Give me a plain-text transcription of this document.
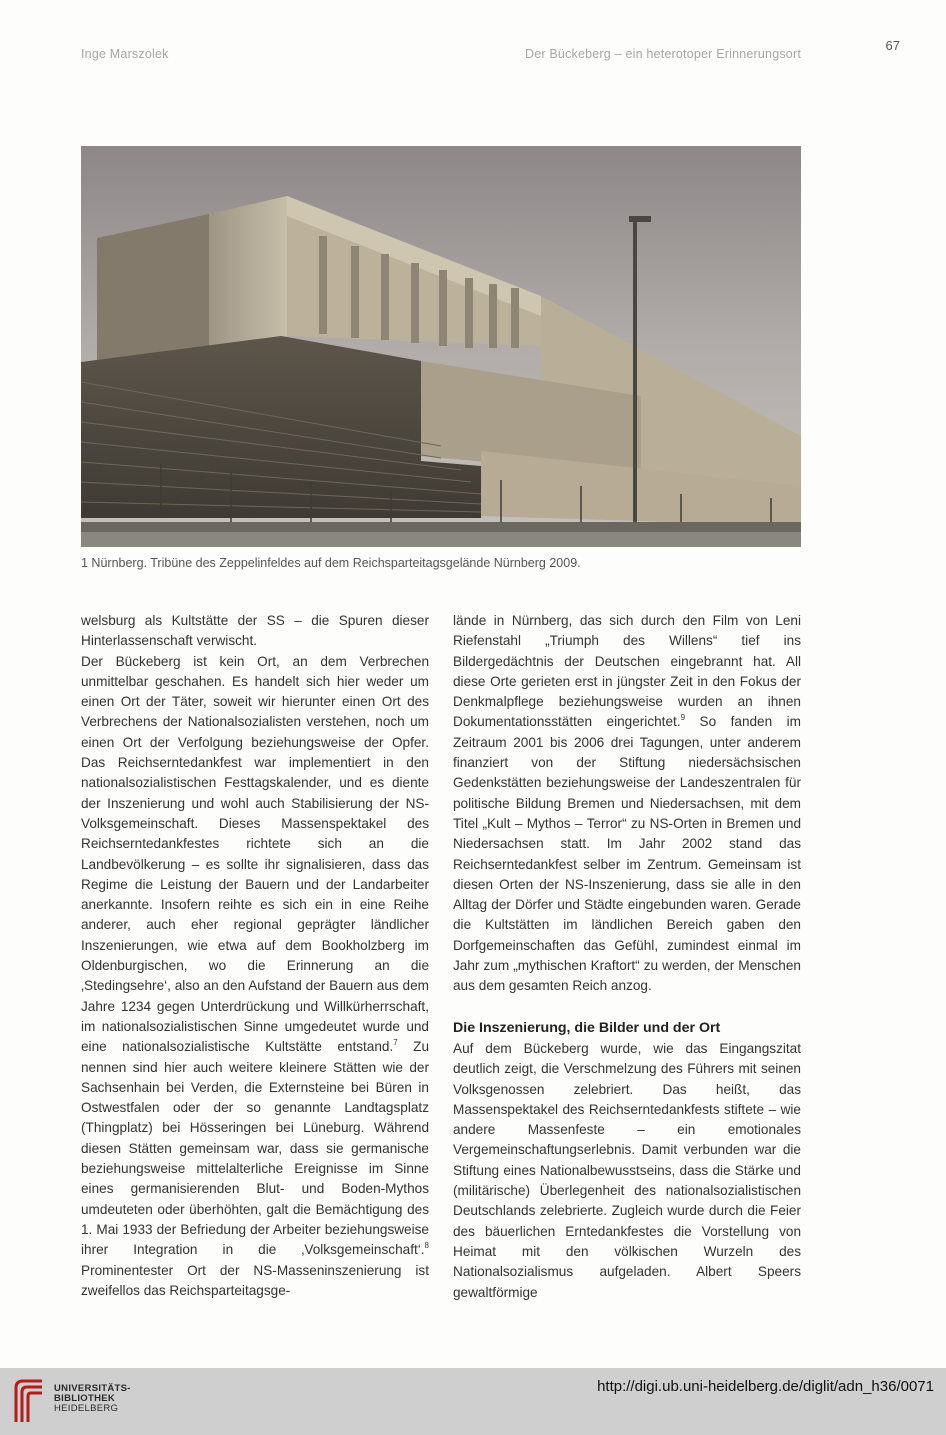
Inge Marszolek	Der Bückeberg – ein heterotoper Erinnerungsort
67
1 Nürnberg. Tribüne des Zeppelinfeldes auf dem Reichsparteitagsgelände Nürnberg 2009.

welsburg als Kultstätte der SS – die Spuren dieser Hinterlassenschaft verwischt.

Der Bückeberg ist kein Ort, an dem Verbrechen unmittelbar geschahen. Es handelt sich hier weder um einen Ort der Täter, soweit wir hierunter einen Ort des Verbrechens der Nationalsozialisten verstehen, noch um einen Ort der Verfolgung beziehungsweise der Opfer. Das Reichserntedankfest war implementiert in den nationalsozialistischen Festtagskalender, und es diente der Inszenierung und wohl auch Stabilisierung der NS-Volksgemeinschaft. Dieses Massenspektakel des Reichserntedankfestes richtete sich an die Landbevölkerung – es sollte ihr signalisieren, dass das Regime die Leistung der Bauern und der Landarbeiter anerkannte. Insofern reihte es sich ein in eine Reihe anderer, auch eher regional geprägter ländlicher Inszenierungen, wie etwa auf dem Bookholzberg im Oldenburgischen, wo die Erinnerung an die ‚Stedingsehre‘, also an den Aufstand der Bauern aus dem Jahre 1234 gegen Unterdrückung und Willkürherrschaft, im nationalsozialistischen Sinne umgedeutet wurde und eine nationalsozialistische Kultstätte entstand.$^7$ Zu nennen sind hier auch weitere kleinere Stätten wie der Sachsenhain bei Verden, die Externsteine bei Büren in Ostwestfalen oder der so genannte Landtagsplatz (Thingplatz) bei Hösseringen bei Lüneburg. Während diesen Stätten gemeinsam war, dass sie germanische beziehungsweise mittelalterliche Ereignisse im Sinne eines germanisierenden Blut- und Boden-Mythos umdeuteten oder überhöhten, galt die Bemächtigung des 1. Mai 1933 der Befriedung der Arbeiter beziehungsweise ihrer Integration in die ‚Volksgemeinschaft‘.$^8$ Prominentester Ort der NS-Masseninszenierung ist zweifellos das Reichsparteitagsge-

lände in Nürnberg, das sich durch den Film von Leni Riefenstahl „Triumph des Willens“ tief ins Bildergedächtnis der Deutschen eingebrannt hat. All diese Orte gerieten erst in jüngster Zeit in den Fokus der Denkmalpflege beziehungsweise wurden an ihnen Dokumentationsstätten eingerichtet.$^9$ So fanden im Zeitraum 2001 bis 2006 drei Tagungen, unter anderem finanziert von der Stiftung niedersächsischen Gedenkstätten beziehungsweise der Landeszentralen für politische Bildung Bremen und Niedersachsen, mit dem Titel „Kult – Mythos – Terror“ zu NS-Orten in Bremen und Niedersachsen statt. Im Jahr 2002 stand das Reichserntedankfest selber im Zentrum. Gemeinsam ist diesen Orten der NS-Inszenierung, dass sie alle in den Alltag der Dörfer und Städte eingebunden waren. Gerade die Kultstätten im ländlichen Bereich gaben den Dorfgemeinschaften das Gefühl, zumindest einmal im Jahr zum „mythischen Kraftort“ zu werden, der Menschen aus dem gesamten Reich anzog.

Die Inszenierung, die Bilder und der Ort

Auf dem Bückeberg wurde, wie das Eingangszitat deutlich zeigt, die Verschmelzung des Führers mit seinen Volksgenossen zelebriert. Das heißt, das Massenspektakel des Reichserntedankfests stiftete – wie andere Massenfeste – ein emotionales Vergemeinschaftungserlebnis. Damit verbunden war die Stiftung eines Nationalbewusstseins, dass die Stärke und (militärische) Überlegenheit des nationalsozialistischen Deutschlands zelebrierte. Zugleich wurde durch die Feier des bäuerlichen Erntedankfestes die Vorstellung von Heimat mit den völkischen Wurzeln des Nationalsozialismus aufgeladen. Albert Speers gewaltförmige

UNIVERSITÄTS-
BIBLIOTHEK
HEIDELBERG
http://digi.ub.uni-heidelberg.de/diglit/adn_h36/0071
